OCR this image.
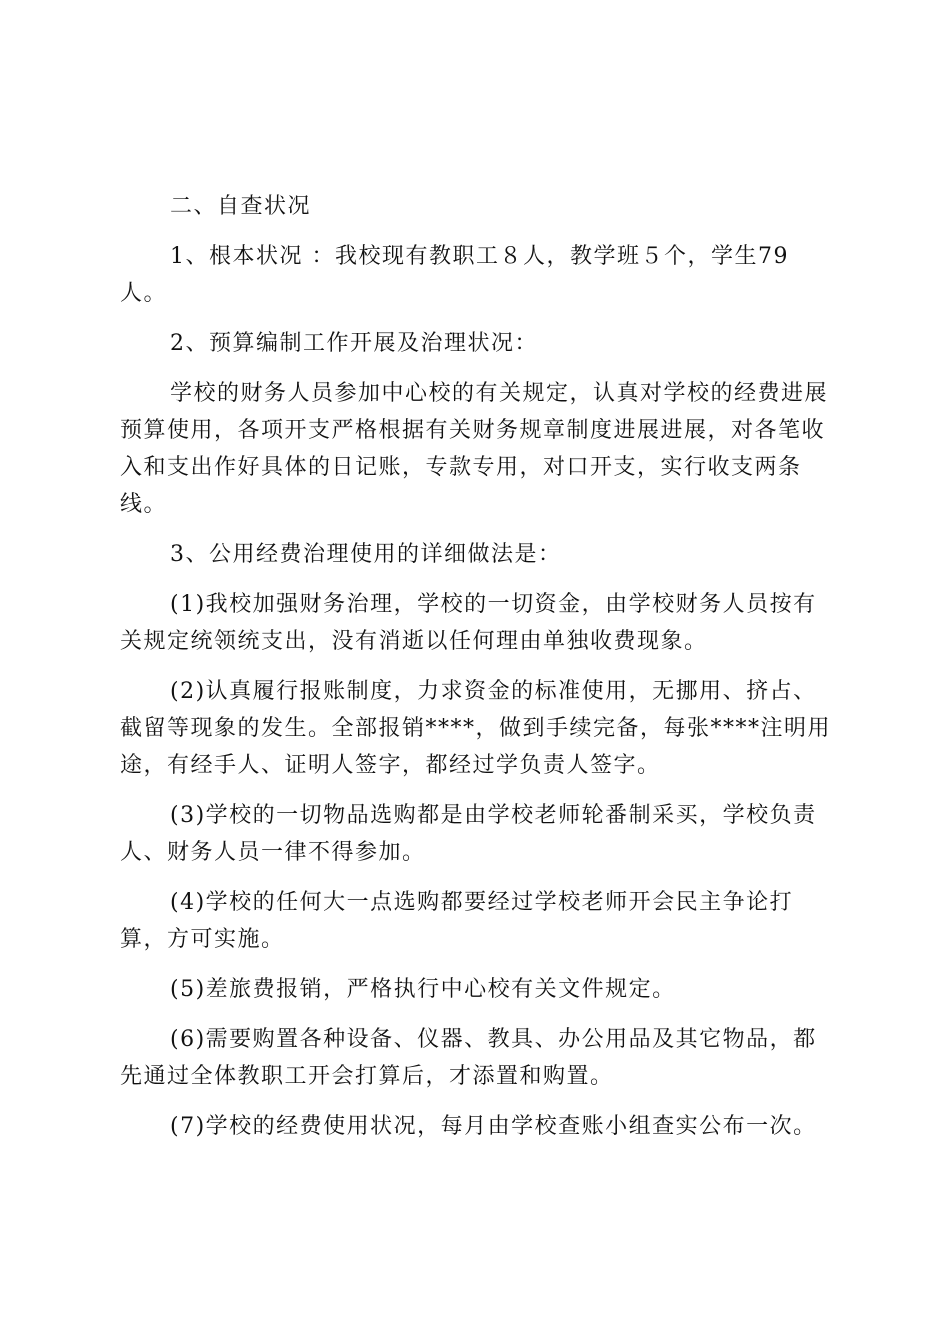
二、自查状况

1、根本状况 ：我校现有教职工８人，教学班５个，学生79人。

2、预算编制工作开展及治理状况：

学校的财务人员参加中心校的有关规定，认真对学校的经费进展预算使用，各项开支严格根据有关财务规章制度进展进展，对各笔收入和支出作好具体的日记账，专款专用，对口开支，实行收支两条线。

3、公用经费治理使用的详细做法是：

(1)我校加强财务治理，学校的一切资金，由学校财务人员按有关规定统领统支出，没有消逝以任何理由单独收费现象。

(2)认真履行报账制度，力求资金的标准使用，无挪用、挤占、截留等现象的发生。全部报销****，做到手续完备，每张****注明用途，有经手人、证明人签字，都经过学负责人签字。

(3)学校的一切物品选购都是由学校老师轮番制采买，学校负责人、财务人员一律不得参加。

(4)学校的任何大一点选购都要经过学校老师开会民主争论打算，方可实施。

(5)差旅费报销，严格执行中心校有关文件规定。

(6)需要购置各种设备、仪器、教具、办公用品及其它物品，都先通过全体教职工开会打算后，才添置和购置。

(7)学校的经费使用状况，每月由学校查账小组查实公布一次。
